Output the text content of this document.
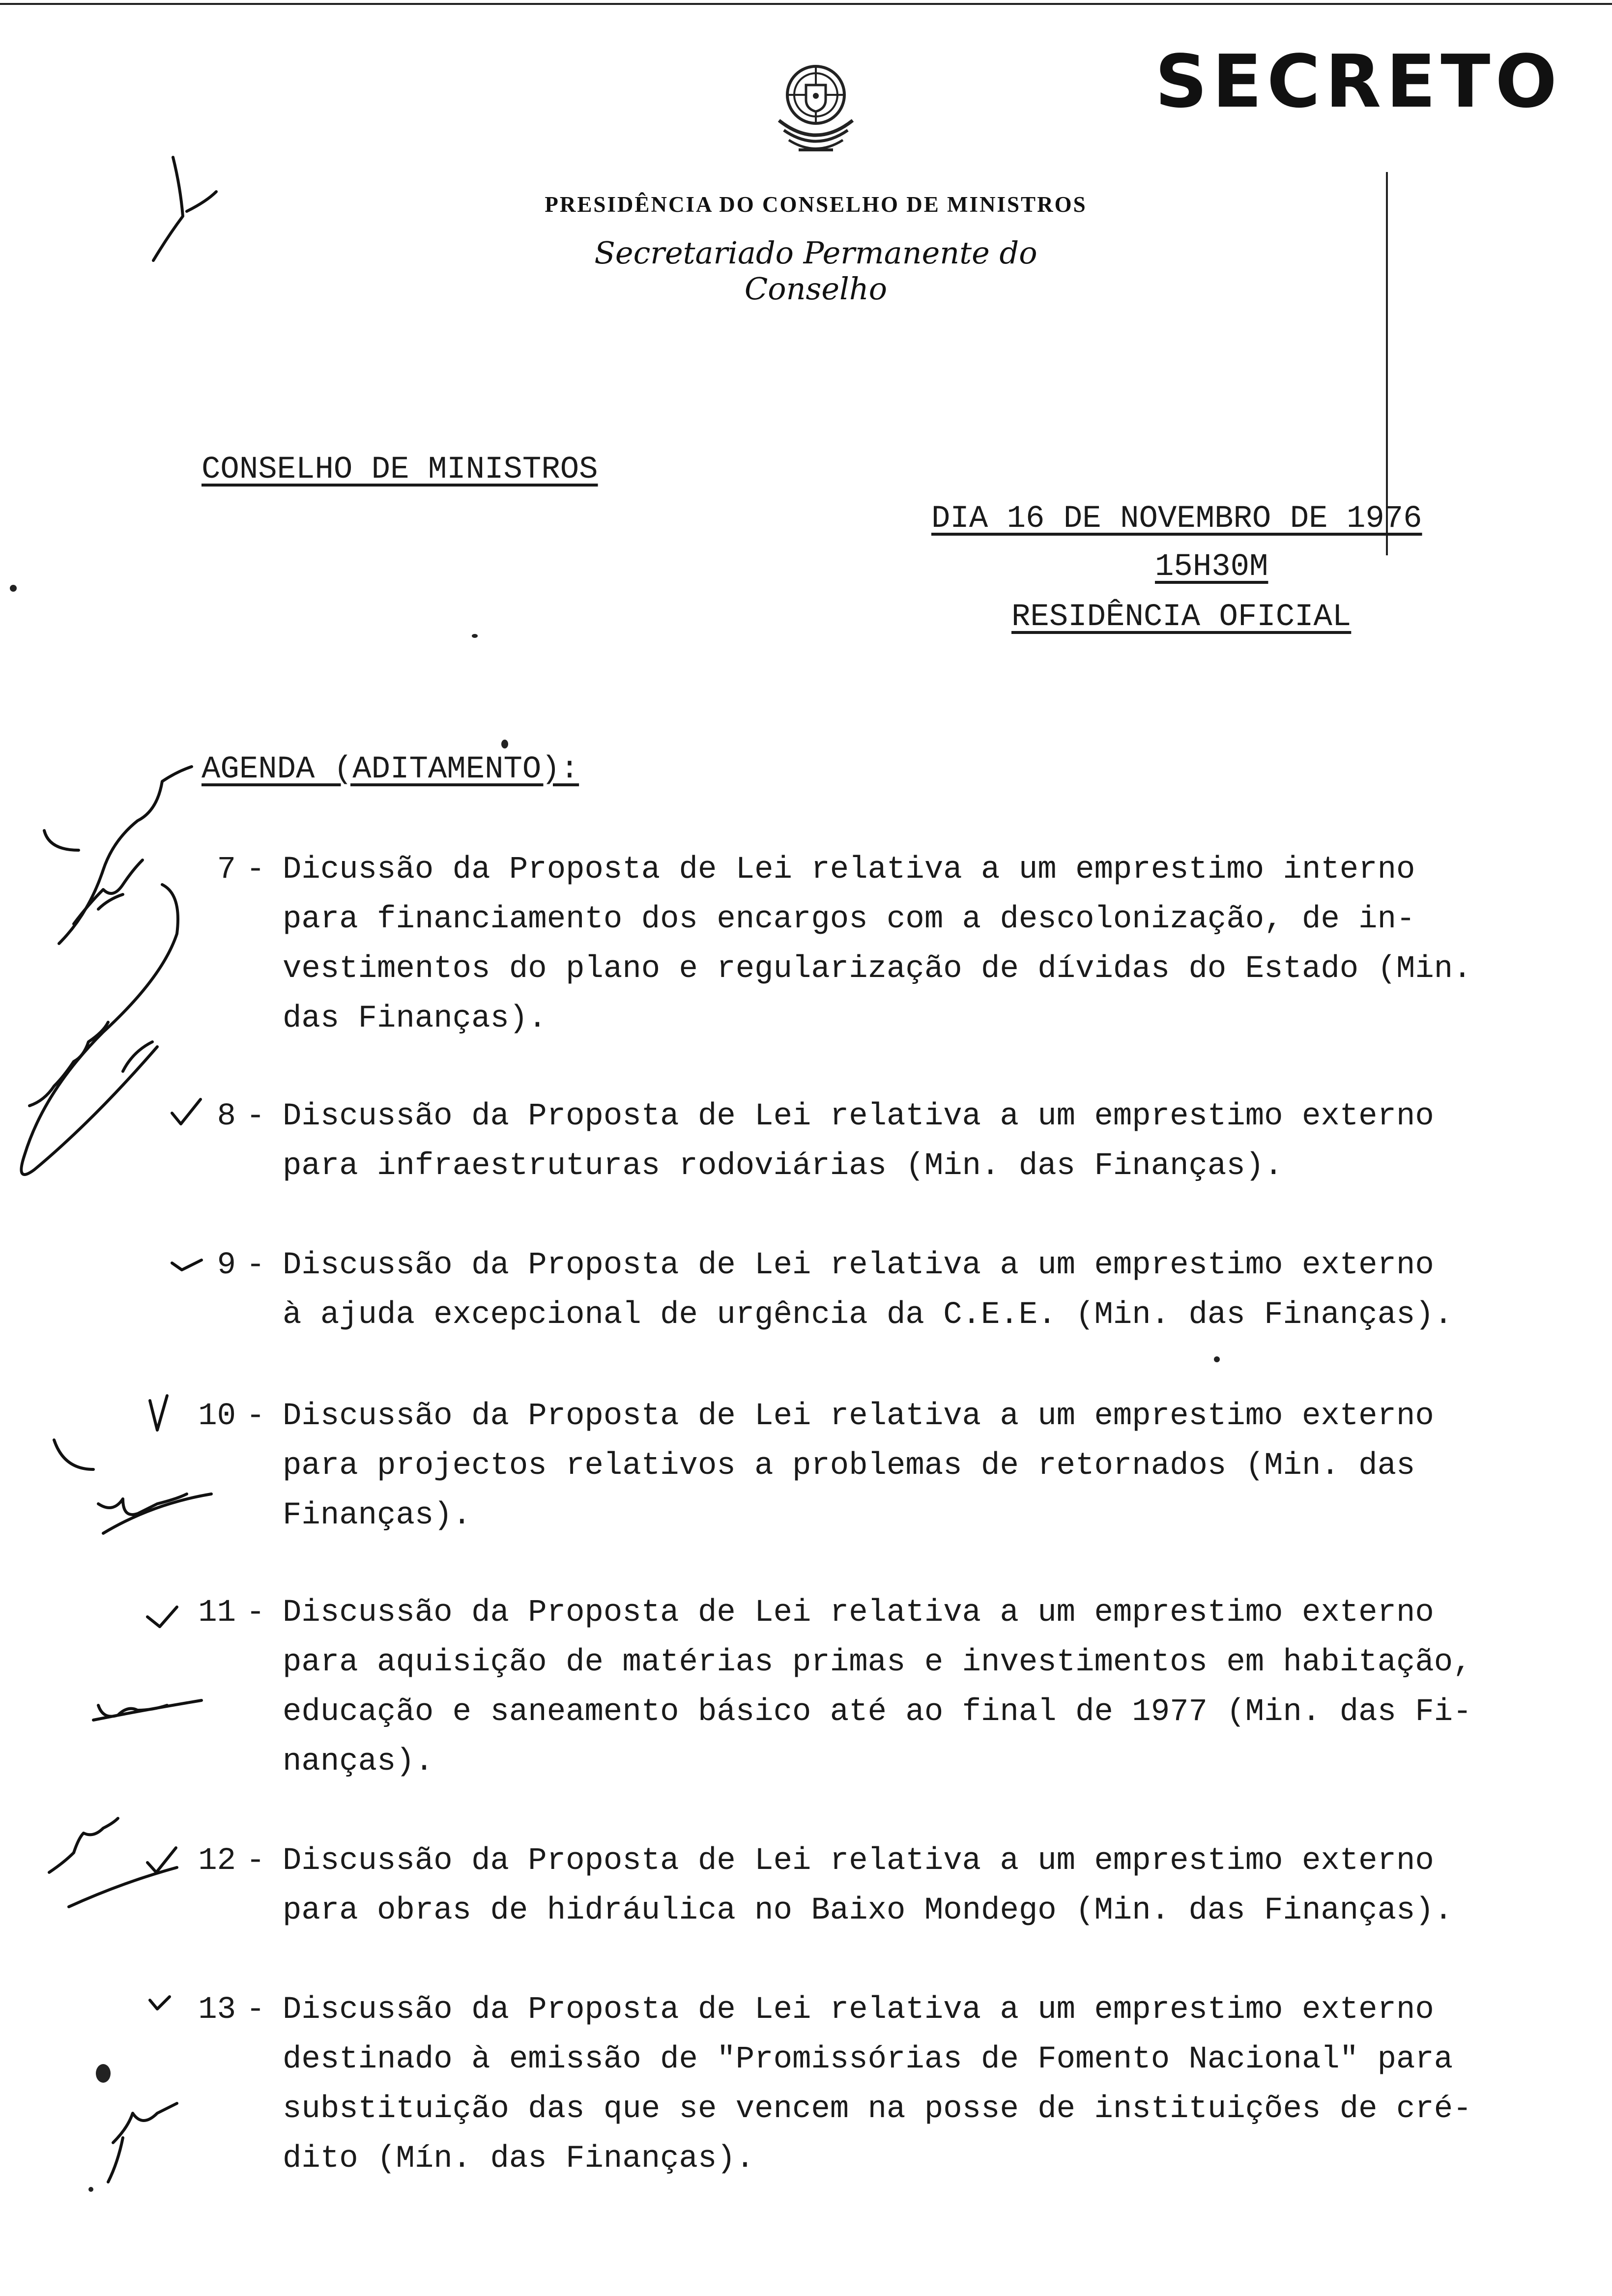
SECRETO
PRESIDÊNCIA DO CONSELHO DE MINISTROS
Secretariado Permanente do Conselho
CONSELHO DE MINISTROS
DIA 16 DE NOVEMBRO DE 1976
15H30M
RESIDÊNCIA OFICIAL
AGENDA (ADITAMENTO):
7 Dicussão da Proposta de Lei relativa a um emprestimo interno
para financiamento dos encargos com a descolonização, de in-
vestimentos do plano e regularização de dívidas do Estado (Min.
das Finanças).
-
8 Discussão da Proposta de Lei relativa a um emprestimo externo
para infraestruturas rodoviárias (Min. das Finanças).
-
9 Discussão da Proposta de Lei relativa a um emprestimo externo
à ajuda excepcional de urgência da C.E.E. (Min. das Finanças).
-
10 Discussão da Proposta de Lei relativa a um emprestimo externo
para projectos relativos a problemas de retornados (Min. das
Finanças).
-
11 Discussão da Proposta de Lei relativa a um emprestimo externo
para aquisição de matérias primas e investimentos em habitação,
educação e saneamento básico até ao final de 1977 (Min. das Fi-
nanças).
-
12 Discussão da Proposta de Lei relativa a um emprestimo externo
para obras de hidráulica no Baixo Mondego (Min. das Finanças).
-
13 Discussão da Proposta de Lei relativa a um emprestimo externo
destinado à emissão de "Promissórias de Fomento Nacional" para
substituição das que se vencem na posse de instituições de cré-
dito (Mín. das Finanças).
-
